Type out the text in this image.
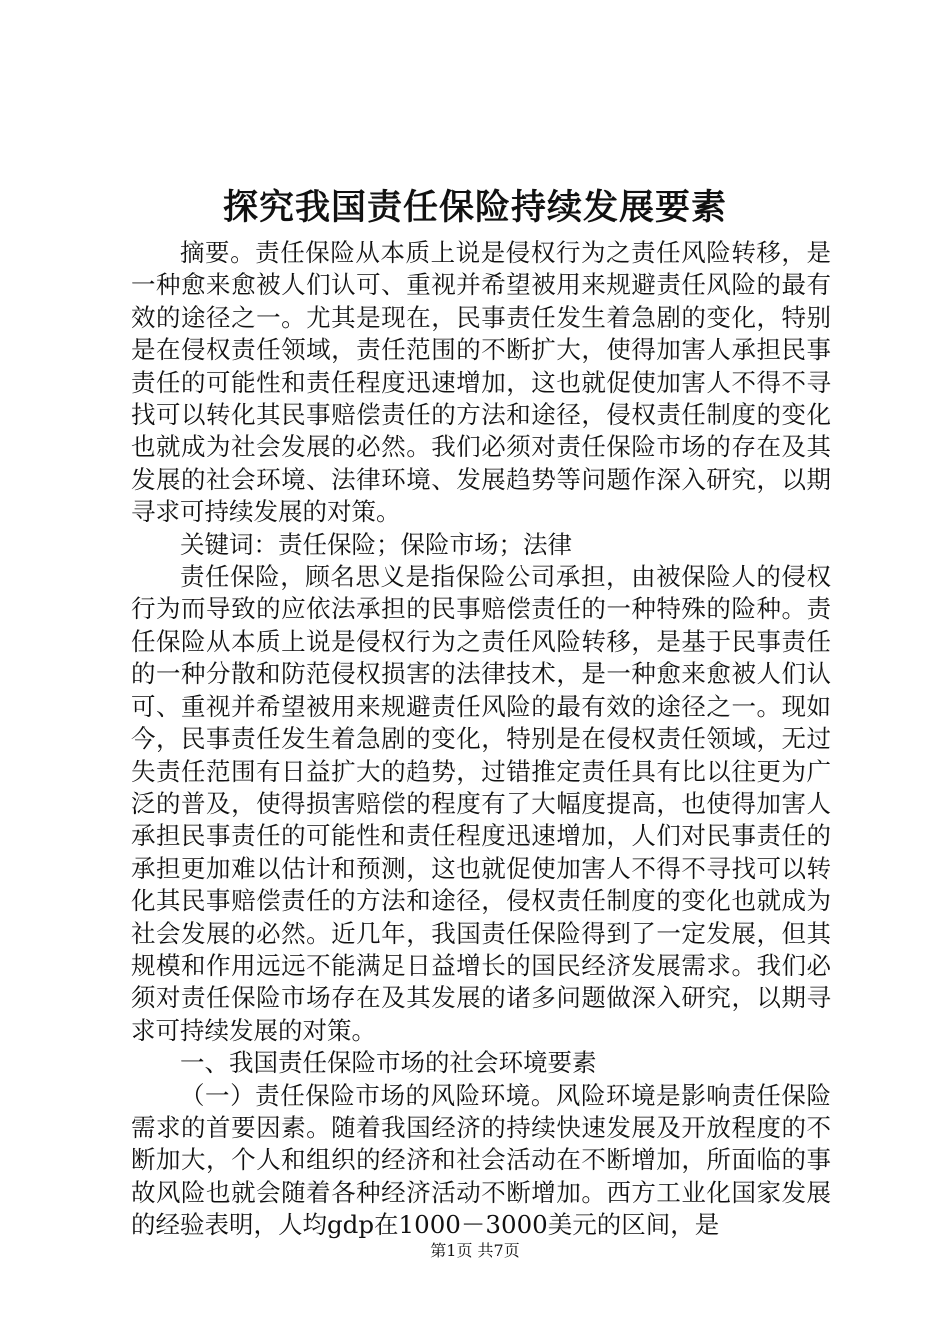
探究我国责任保险持续发展要素

摘要。责任保险从本质上说是侵权行为之责任风险转移，是一种愈来愈被人们认可、重视并希望被用来规避责任风险的最有效的途径之一。尤其是现在，民事责任发生着急剧的变化，特别是在侵权责任领域，责任范围的不断扩大，使得加害人承担民事责任的可能性和责任程度迅速增加，这也就促使加害人不得不寻找可以转化其民事赔偿责任的方法和途径，侵权责任制度的变化也就成为社会发展的必然。我们必须对责任保险市场的存在及其发展的社会环境、法律环境、发展趋势等问题作深入研究，以期寻求可持续发展的对策。

关键词：责任保险；保险市场；法律

责任保险，顾名思义是指保险公司承担，由被保险人的侵权行为而导致的应依法承担的民事赔偿责任的一种特殊的险种。责任保险从本质上说是侵权行为之责任风险转移，是基于民事责任的一种分散和防范侵权损害的法律技术，是一种愈来愈被人们认可、重视并希望被用来规避责任风险的最有效的途径之一。现如今，民事责任发生着急剧的变化，特别是在侵权责任领域，无过失责任范围有日益扩大的趋势，过错推定责任具有比以往更为广泛的普及，使得损害赔偿的程度有了大幅度提高，也使得加害人承担民事责任的可能性和责任程度迅速增加，人们对民事责任的承担更加难以估计和预测，这也就促使加害人不得不寻找可以转化其民事赔偿责任的方法和途径，侵权责任制度的变化也就成为社会发展的必然。近几年，我国责任保险得到了一定发展，但其规模和作用远远不能满足日益增长的国民经济发展需求。我们必须对责任保险市场存在及其发展的诸多问题做深入研究，以期寻求可持续发展的对策。

一、我国责任保险市场的社会环境要素

（一）责任保险市场的风险环境。风险环境是影响责任保险需求的首要因素。随着我国经济的持续快速发展及开放程度的不断加大，个人和组织的经济和社会活动在不断增加，所面临的事故风险也就会随着各种经济活动不断增加。西方工业化国家发展的经验表明，人均gdp在1000－3000美元的区间，是

第1页 共7页
